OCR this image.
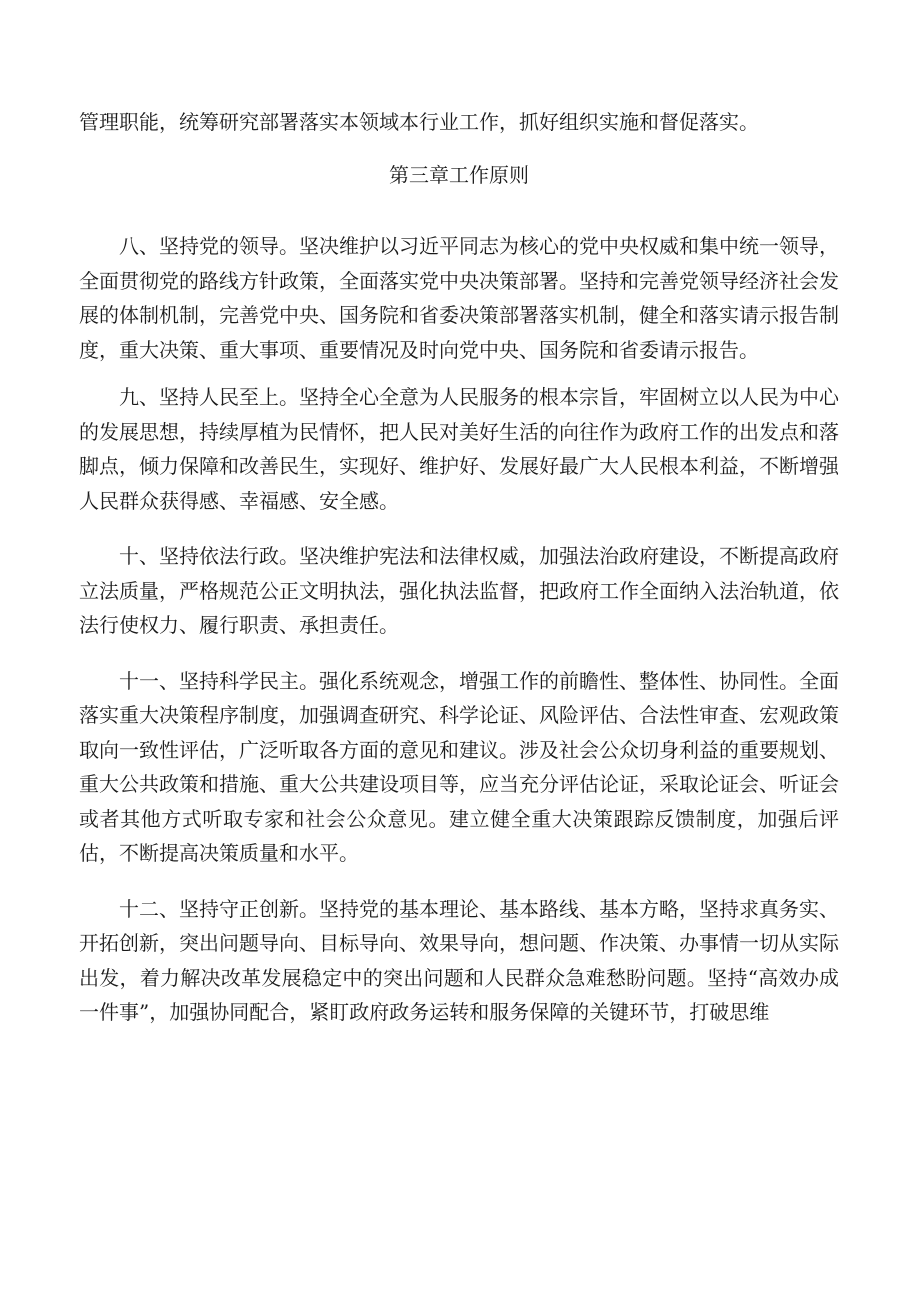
管理职能，统筹研究部署落实本领域本行业工作，抓好组织实施和督促落实。

第三章工作原则

八、坚持党的领导。坚决维护以习近平同志为核心的党中央权威和集中统一领导，全面贯彻党的路线方针政策，全面落实党中央决策部署。坚持和完善党领导经济社会发展的体制机制，完善党中央、国务院和省委决策部署落实机制，健全和落实请示报告制度，重大决策、重大事项、重要情况及时向党中央、国务院和省委请示报告。

九、坚持人民至上。坚持全心全意为人民服务的根本宗旨，牢固树立以人民为中心的发展思想，持续厚植为民情怀，把人民对美好生活的向往作为政府工作的出发点和落脚点，倾力保障和改善民生，实现好、维护好、发展好最广大人民根本利益，不断增强人民群众获得感、幸福感、安全感。

十、坚持依法行政。坚决维护宪法和法律权威，加强法治政府建设，不断提高政府立法质量，严格规范公正文明执法，强化执法监督，把政府工作全面纳入法治轨道，依法行使权力、履行职责、承担责任。

十一、坚持科学民主。强化系统观念，增强工作的前瞻性、整体性、协同性。全面落实重大决策程序制度，加强调查研究、科学论证、风险评估、合法性审查、宏观政策取向一致性评估，广泛听取各方面的意见和建议。涉及社会公众切身利益的重要规划、重大公共政策和措施、重大公共建设项目等，应当充分评估论证，采取论证会、听证会或者其他方式听取专家和社会公众意见。建立健全重大决策跟踪反馈制度，加强后评估，不断提高决策质量和水平。

十二、坚持守正创新。坚持党的基本理论、基本路线、基本方略，坚持求真务实、开拓创新，突出问题导向、目标导向、效果导向，想问题、作决策、办事情一切从实际出发，着力解决改革发展稳定中的突出问题和人民群众急难愁盼问题。坚持“高效办成一件事”，加强协同配合，紧盯政府政务运转和服务保障的关键环节，打破思维
